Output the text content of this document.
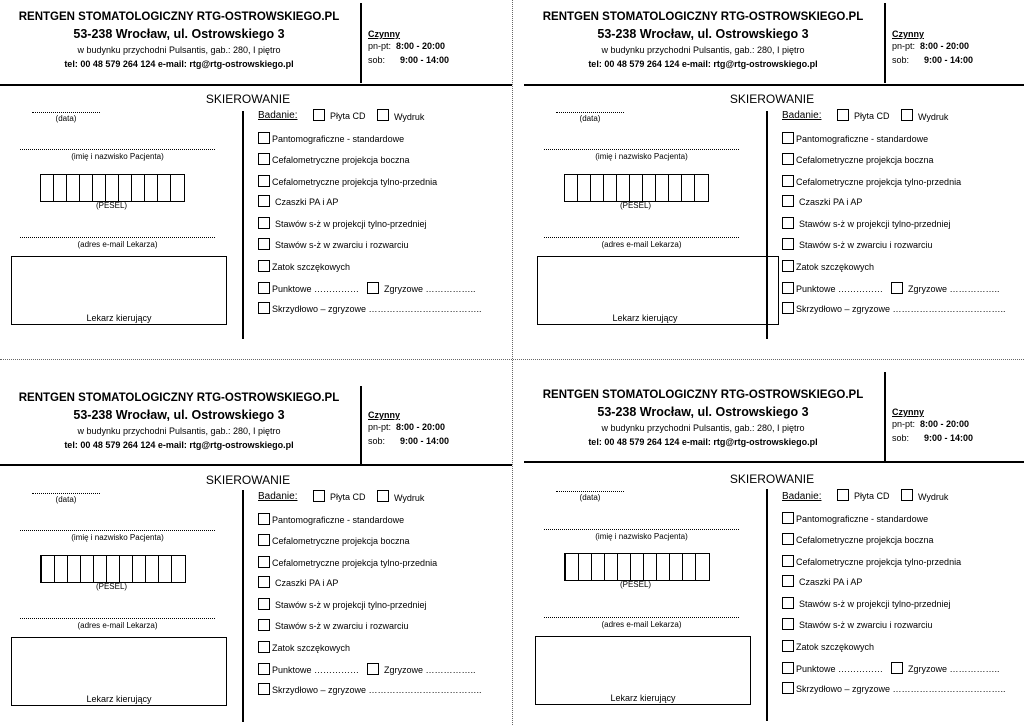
RENTGEN STOMATOLOGICZNY RTG-OSTROWSKIEGO.PL
53-238 Wrocław, ul. Ostrowskiego 3
w budynku przychodni Pulsantis, gab.: 280, I piętro
tel: 00 48 579 264 124 e-mail: rtg@rtg-ostrowskiego.pl
Czynny
pn-pt: 8:00 - 20:00
sob: 9:00 - 14:00
SKIEROWANIE
(data)
(imię i nazwisko Pacjenta)
(PESEL)
(adres e-mail Lekarza)
Lekarz kierujący
Badanie:	Płyta CD	Wydruk
Pantomograficzne - standardowe
Cefalometryczne projekcja boczna
Cefalometryczne projekcja tylno-przednia
Czaszki PA i AP
Stawów s-ż w projekcji tylno-przedniej
Stawów s-ż w zwarciu i rozwarciu
Zatok szczękowych
Punktowe ……………	Zgryzowe ……………..
Skrzydłowo – zgryzowe ………………………………..
RENTGEN STOMATOLOGICZNY RTG-OSTROWSKIEGO.PL
53-238 Wrocław, ul. Ostrowskiego 3
w budynku przychodni Pulsantis, gab.: 280, I piętro
tel: 00 48 579 264 124 e-mail: rtg@rtg-ostrowskiego.pl
Czynny
pn-pt: 8:00 - 20:00
sob: 9:00 - 14:00
SKIEROWANIE
(data)
(imię i nazwisko Pacjenta)
(PESEL)
(adres e-mail Lekarza)
Lekarz kierujący
Badanie:	Płyta CD	Wydruk
Pantomograficzne - standardowe
Cefalometryczne projekcja boczna
Cefalometryczne projekcja tylno-przednia
Czaszki PA i AP
Stawów s-ż w projekcji tylno-przedniej
Stawów s-ż w zwarciu i rozwarciu
Zatok szczękowych
Punktowe ……………	Zgryzowe ……………..
Skrzydłowo – zgryzowe ………………………………..
RENTGEN STOMATOLOGICZNY RTG-OSTROWSKIEGO.PL
53-238 Wrocław, ul. Ostrowskiego 3
w budynku przychodni Pulsantis, gab.: 280, I piętro
tel: 00 48 579 264 124 e-mail: rtg@rtg-ostrowskiego.pl
Czynny
pn-pt: 8:00 - 20:00
sob: 9:00 - 14:00
SKIEROWANIE
(data)
(imię i nazwisko Pacjenta)
(PESEL)
(adres e-mail Lekarza)
Lekarz kierujący
Badanie:	Płyta CD	Wydruk
Pantomograficzne - standardowe
Cefalometryczne projekcja boczna
Cefalometryczne projekcja tylno-przednia
Czaszki PA i AP
Stawów s-ż w projekcji tylno-przedniej
Stawów s-ż w zwarciu i rozwarciu
Zatok szczękowych
Punktowe ……………	Zgryzowe ……………..
Skrzydłowo – zgryzowe ………………………………..
RENTGEN STOMATOLOGICZNY RTG-OSTROWSKIEGO.PL
53-238 Wrocław, ul. Ostrowskiego 3
w budynku przychodni Pulsantis, gab.: 280, I piętro
tel: 00 48 579 264 124 e-mail: rtg@rtg-ostrowskiego.pl
Czynny
pn-pt: 8:00 - 20:00
sob: 9:00 - 14:00
SKIEROWANIE
(data)
(imię i nazwisko Pacjenta)
(PESEL)
(adres e-mail Lekarza)
Lekarz kierujący
Badanie:	Płyta CD	Wydruk
Pantomograficzne - standardowe
Cefalometryczne projekcja boczna
Cefalometryczne projekcja tylno-przednia
Czaszki PA i AP
Stawów s-ż w projekcji tylno-przedniej
Stawów s-ż w zwarciu i rozwarciu
Zatok szczękowych
Punktowe ……………	Zgryzowe ……………..
Skrzydłowo – zgryzowe ………………………………..
